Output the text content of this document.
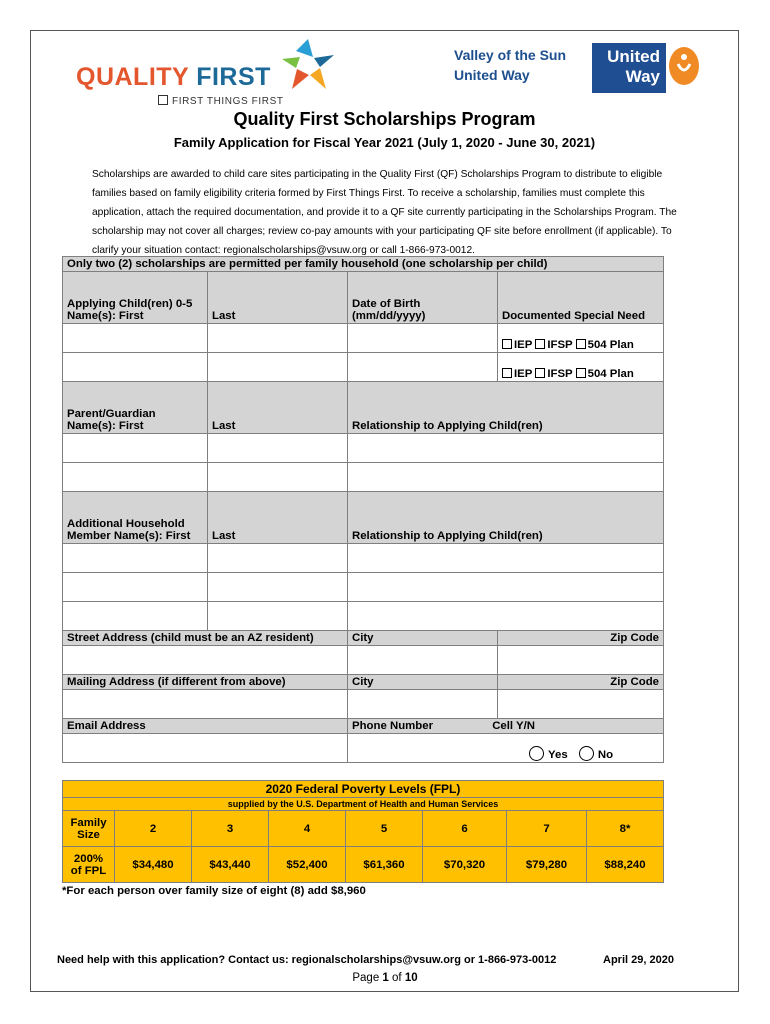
QUALITY FIRST
FIRST THINGS FIRST
Valley of the Sun
United Way
United
Way
Quality First Scholarships Program
Family Application for Fiscal Year 2021 (July 1, 2020 - June 30, 2021)
Scholarships are awarded to child care sites participating in the Quality First (QF) Scholarships Program to distribute to eligible families based on family eligibility criteria formed by First Things First. To receive a scholarship, families must complete this application, attach the required documentation, and provide it to a QF site currently participating in the Scholarships Program. The scholarship may not cover all charges; review co-pay amounts with your participating QF site before enrollment (if applicable). To clarify your situation contact: regionalscholarships@vsuw.org or call 1-866-973-0012.
Only two (2) scholarships are permitted per family household (one scholarship per child)			
Applying Child(ren) 0-5 Name(s): First	Last	Date of Birth (mm/dd/yyyy)	Documented Special Need
			IEP IFSP 504 Plan
			IEP IFSP 504 Plan
Parent/Guardian Name(s): First	Last	Relationship to Applying Child(ren)	

Additional Household Member Name(s): First	Last	Relationship to Applying Child(ren)	

Street Address (child must be an AZ resident)		City	Zip Code

Mailing Address (if different from above)		City	Zip Code

Email Address		Phone Number Cell Y/N	
		Yes No	
2020 Federal Poverty Levels (FPL)							
supplied by the U.S. Department of Health and Human Services							
Family Size	2	3	4	5	6	7	8*
200% of FPL	$34,480	$43,440	$52,400	$61,360	$70,320	$79,280	$88,240
*For each person over family size of eight (8) add $8,960
Need help with this application? Contact us: regionalscholarships@vsuw.org or 1-866-973-0012	April 29, 2020
Page 1 of 10
